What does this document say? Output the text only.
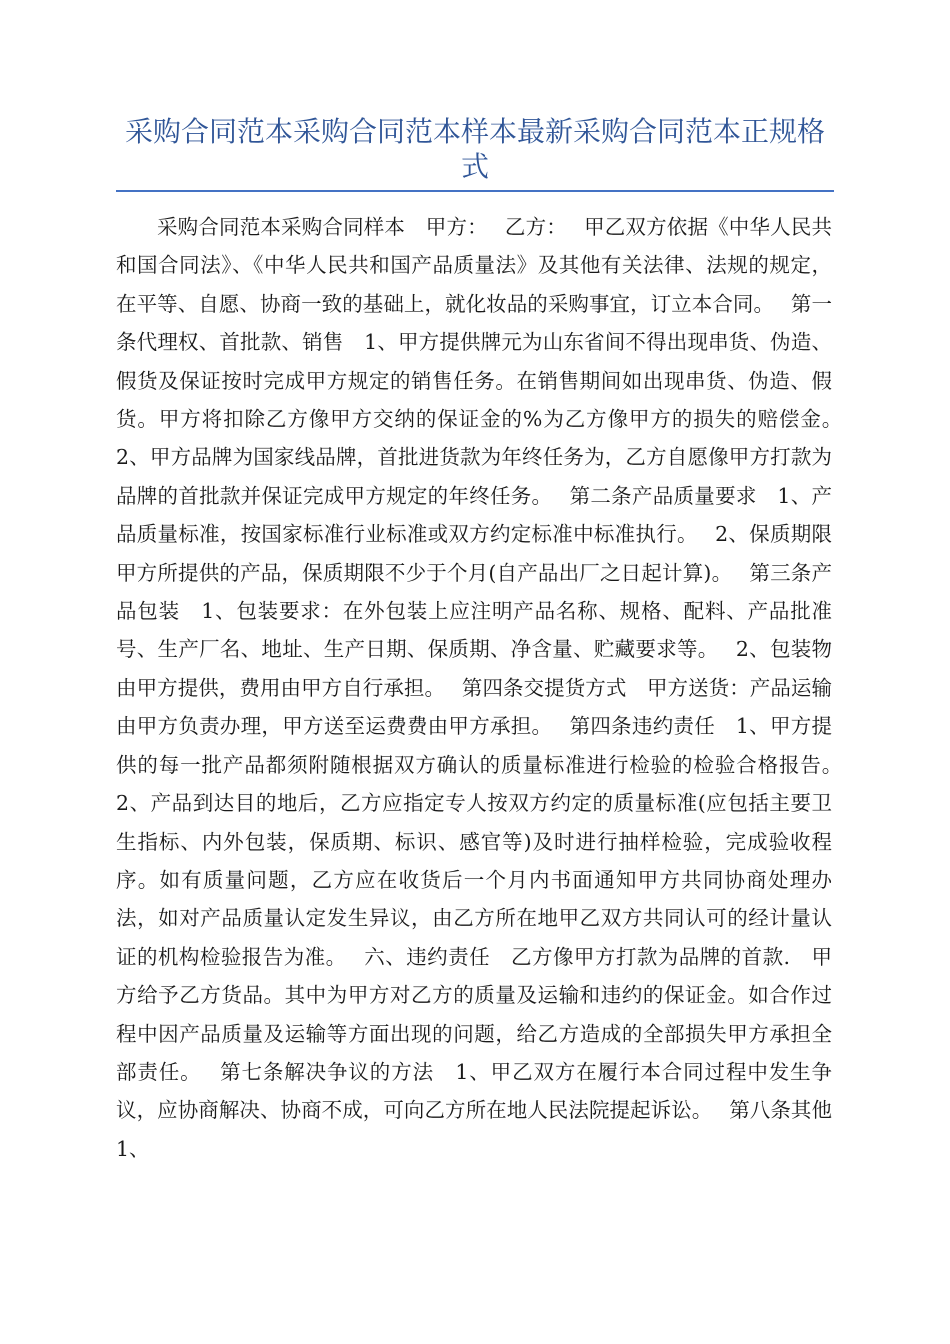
采购合同范本采购合同范本样本最新采购合同范本正规格式

采购合同范本采购合同样本　甲方：　 乙方：　 甲乙双方依据《中华人民共和国合同法》、《中华人民共和国产品质量法》及其他有关法律、法规的规定，在平等、自愿、协商一致的基础上，就化妆品的采购事宜，订立本合同。　 第一条代理权、首批款、销售　1、甲方提供牌元为山东省间不得出现串货、伪造、假货及保证按时完成甲方规定的销售任务。在销售期间如出现串货、伪造、假货。甲方将扣除乙方像甲方交纳的保证金的%为乙方像甲方的损失的赔偿金。　 2、甲方品牌为国家线品牌，首批进货款为年终任务为，乙方自愿像甲方打款为品牌的首批款并保证完成甲方规定的年终任务。　 第二条产品质量要求　1、产品质量标准，按国家标准行业标准或双方约定标准中标准执行。　 2、保质期限　甲方所提供的产品，保质期限不少于个月(自产品出厂之日起计算)。　 第三条产品包装　1、包装要求：在外包装上应注明产品名称、规格、配料、产品批准号、生产厂名、地址、生产日期、保质期、净含量、贮藏要求等。　 2、包装物由甲方提供，费用由甲方自行承担。　 第四条交提货方式　甲方送货：产品运输由甲方负责办理，甲方送至运费费由甲方承担。　 第四条违约责任　1、甲方提供的每一批产品都须附随根据双方确认的质量标准进行检验的检验合格报告。　 2、产品到达目的地后，乙方应指定专人按双方约定的质量标准(应包括主要卫生指标、内外包装，保质期、标识、感官等)及时进行抽样检验，完成验收程序。如有质量问题，乙方应在收货后一个月内书面通知甲方共同协商处理办法，如对产品质量认定发生异议，由乙方所在地甲乙双方共同认可的经计量认证的机构检验报告为准。　 六、违约责任　乙方像甲方打款为品牌的首款.　甲方给予乙方货品。其中为甲方对乙方的质量及运输和违约的保证金。如合作过程中因产品质量及运输等方面出现的问题，给乙方造成的全部损失甲方承担全部责任。　 第七条解决争议的方法　1、甲乙双方在履行本合同过程中发生争议，应协商解决、协商不成，可向乙方所在地人民法院提起诉讼。　 第八条其他　1、
